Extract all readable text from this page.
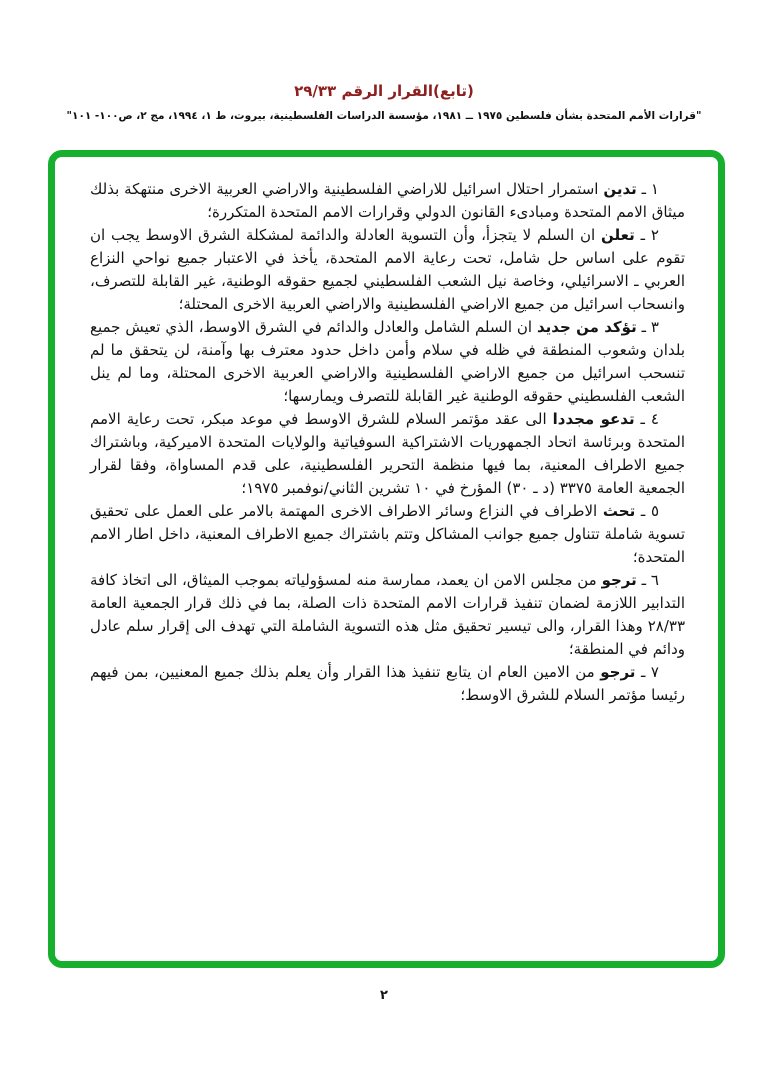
(تابع)القرار الرقم ٢٩/٣٣
"قرارات الأمم المتحدة بشأن فلسطين ١٩٧٥ ــ ١٩٨١، مؤسسة الدراسات الفلسطينية، بيروت، ط ١، ١٩٩٤، مج ٢، ص١٠٠- ١٠١"

١ ـ تدين استمرار احتلال اسرائيل للاراضي الفلسطينية والاراضي العربية الاخرى منتهكة بذلك ميثاق الامم المتحدة ومبادىء القانون الدولي وقرارات الامم المتحدة المتكررة؛

٢ ـ تعلن ان السلم لا يتجزأ، وأن التسوية العادلة والدائمة لمشكلة الشرق الاوسط يجب ان تقوم على اساس حل شامل، تحت رعاية الامم المتحدة، يأخذ في الاعتبار جميع نواحي النزاع العربي ـ الاسرائيلي، وخاصة نيل الشعب الفلسطيني لجميع حقوقه الوطنية، غير القابلة للتصرف، وانسحاب اسرائيل من جميع الاراضي الفلسطينية والاراضي العربية الاخرى المحتلة؛

٣ ـ تؤكد من جديد ان السلم الشامل والعادل والدائم في الشرق الاوسط، الذي تعيش جميع بلدان وشعوب المنطقة في ظله في سلام وأمن داخل حدود معترف بها وآمنة، لن يتحقق ما لم تنسحب اسرائيل من جميع الاراضي الفلسطينية والاراضي العربية الاخرى المحتلة، وما لم ينل الشعب الفلسطيني حقوقه الوطنية غير القابلة للتصرف ويمارسها؛

٤ ـ تدعو مجددا الى عقد مؤتمر السلام للشرق الاوسط في موعد مبكر، تحت رعاية الامم المتحدة وبرئاسة اتحاد الجمهوريات الاشتراكية السوفياتية والولايات المتحدة الاميركية، وباشتراك جميع الاطراف المعنية، بما فيها منظمة التحرير الفلسطينية، على قدم المساواة، وفقا لقرار الجمعية العامة ٣٣٧٥ (د ـ ٣٠) المؤرخ في ١٠ تشرين الثاني/نوفمبر ١٩٧٥؛

٥ ـ تحث الاطراف في النزاع وسائر الاطراف الاخرى المهتمة بالامر على العمل على تحقيق تسوية شاملة تتناول جميع جوانب المشاكل وتتم باشتراك جميع الاطراف المعنية، داخل اطار الامم المتحدة؛

٦ ـ ترجو من مجلس الامن ان يعمد، ممارسة منه لمسؤولياته بموجب الميثاق، الى اتخاذ كافة التدابير اللازمة لضمان تنفيذ قرارات الامم المتحدة ذات الصلة، بما في ذلك قرار الجمعية العامة ٢٨/٣٣ وهذا القرار، والى تيسير تحقيق مثل هذه التسوية الشاملة التي تهدف الى إقرار سلم عادل ودائم في المنطقة؛

٧ ـ ترجو من الامين العام ان يتابع تنفيذ هذا القرار وأن يعلم بذلك جميع المعنيين، بمن فيهم رئيسا مؤتمر السلام للشرق الاوسط؛

٢
